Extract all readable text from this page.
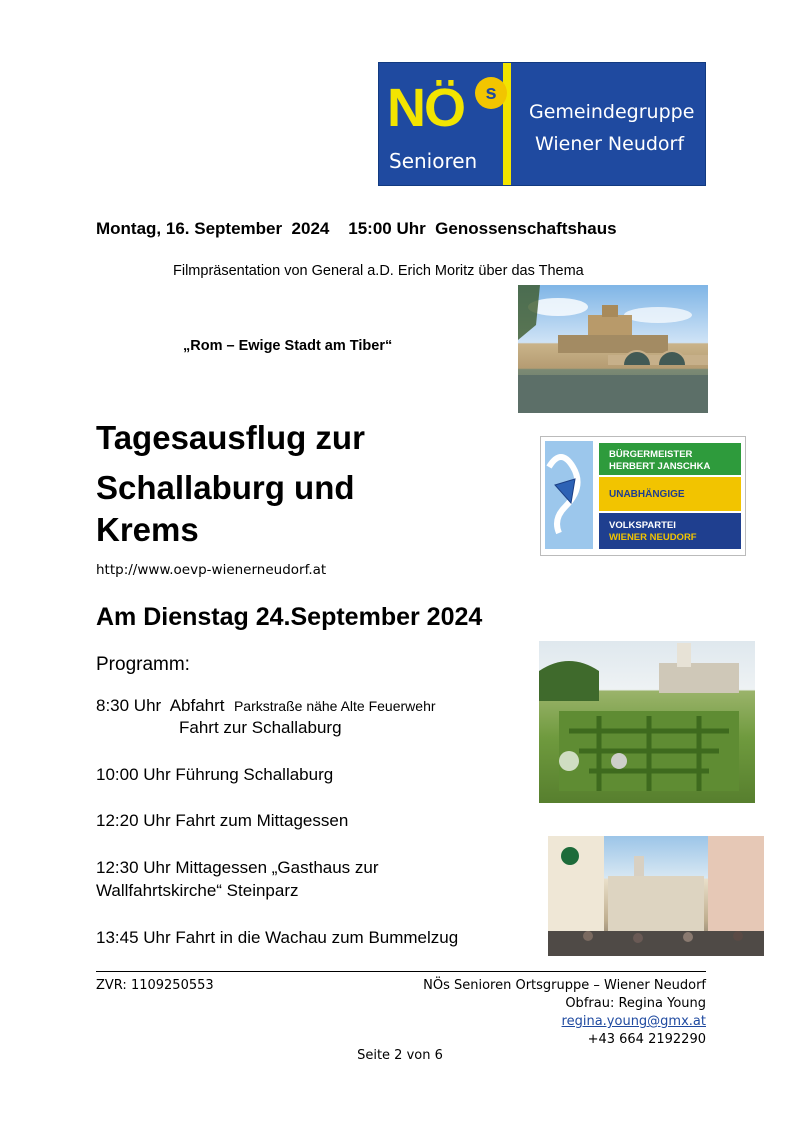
NÖ	s
Senioren
Gemeindegruppe
Wiener Neudorf
Montag, 16. September  2024    15:00 Uhr  Genossenschaftshaus
Filmpräsentation von General a.D. Erich Moritz über das Thema
„Rom – Ewige Stadt am Tiber“
Tagesausflug zur
Schallaburg und
Krems
http://www.oevp-wienerneudorf.at
BÜRGERMEISTER
HERBERT JANSCHKA
UNABHÄNGIGE
VOLKSPARTEI
WIENER NEUDORF
Am Dienstag 24.September 2024
Programm:
8:30 Uhr  Abfahrt  Parkstraße nähe Alte Feuerwehr
Fahrt zur Schallaburg
10:00 Uhr Führung Schallaburg
12:20 Uhr Fahrt zum Mittagessen
12:30 Uhr Mittagessen „Gasthaus zur
Wallfahrtskirche“ Steinparz
13:45 Uhr Fahrt in die Wachau zum Bummelzug
ZVR: 1109250553	NÖs Senioren Ortsgruppe – Wiener Neudorf
Obfrau: Regina Young
regina.young@gmx.at
+43 664 2192290
Seite 2 von 6
